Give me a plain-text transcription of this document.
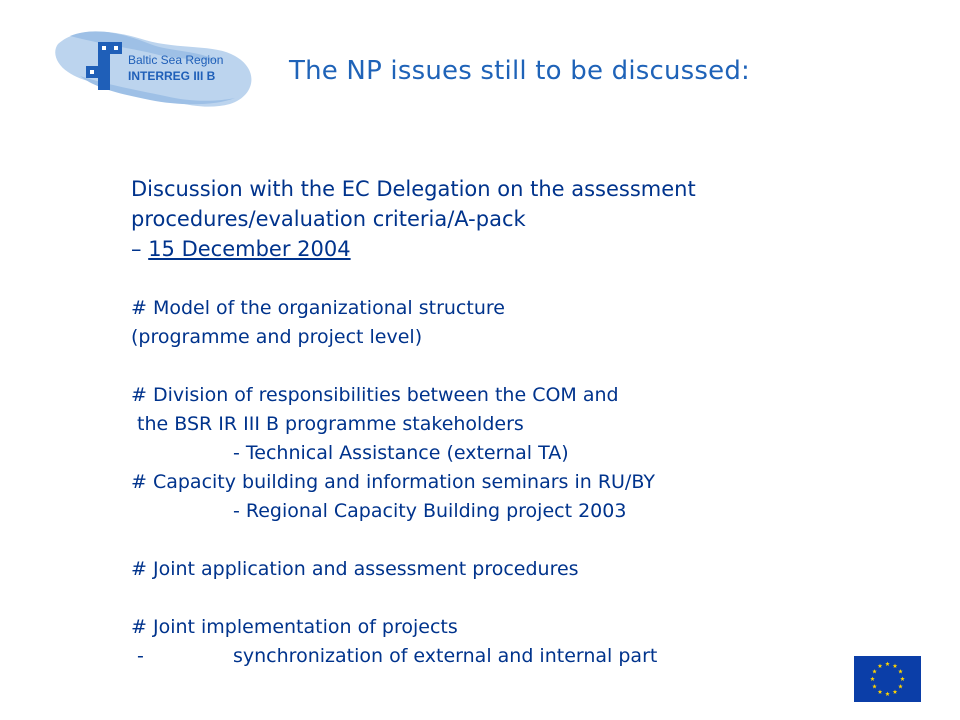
Baltic Sea Region
INTERREG III B	The NP issues still to be discussed:
Discussion with the EC Delegation on the assessment
procedures/evaluation criteria/A-pack
– 15 December 2004
# Model of the organizational structure
(programme and project level)
# Division of responsibilities between the COM and
the BSR IR III B programme stakeholders
- Technical Assistance (external TA)
# Capacity building and information seminars in RU/BY
- Regional Capacity Building project 2003
# Joint application and assessment procedures
# Joint implementation of projects
-	synchronization of external and internal part
